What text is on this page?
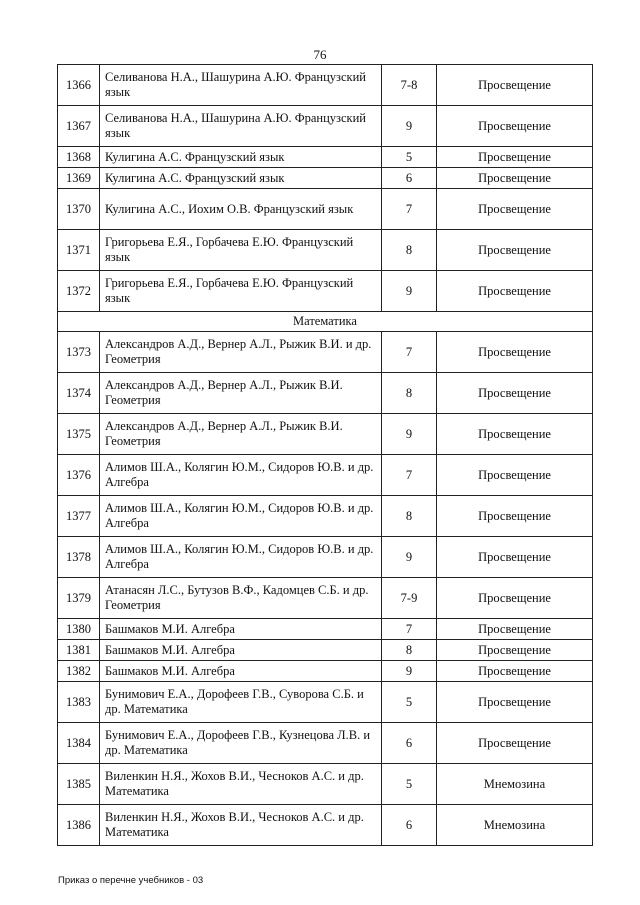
76
1366	Селиванова Н.А., Шашурина А.Ю. Французский язык	7-8	Просвещение
1367	Селиванова Н.А., Шашурина А.Ю. Французский язык	9	Просвещение
1368	Кулигина А.С. Французский язык	5	Просвещение
1369	Кулигина А.С. Французский язык	6	Просвещение
1370	Кулигина А.С., Иохим О.В. Французский язык	7	Просвещение
1371	Григорьева Е.Я., Горбачева Е.Ю. Французский язык	8	Просвещение
1372	Григорьева Е.Я., Горбачева Е.Ю. Французский язык	9	Просвещение
Математика			
1373	Александров А.Д., Вернер А.Л., Рыжик В.И. и др. Геометрия	7	Просвещение
1374	Александров А.Д., Вернер А.Л., Рыжик В.И. Геометрия	8	Просвещение
1375	Александров А.Д., Вернер А.Л., Рыжик В.И. Геометрия	9	Просвещение
1376	Алимов Ш.А., Колягин Ю.М., Сидоров Ю.В. и др. Алгебра	7	Просвещение
1377	Алимов Ш.А., Колягин Ю.М., Сидоров Ю.В. и др. Алгебра	8	Просвещение
1378	Алимов Ш.А., Колягин Ю.М., Сидоров Ю.В. и др. Алгебра	9	Просвещение
1379	Атанасян Л.С., Бутузов В.Ф., Кадомцев С.Б. и др. Геометрия	7-9	Просвещение
1380	Башмаков М.И. Алгебра	7	Просвещение
1381	Башмаков М.И. Алгебра	8	Просвещение
1382	Башмаков М.И. Алгебра	9	Просвещение
1383	Бунимович Е.А., Дорофеев Г.В., Суворова С.Б. и др. Математика	5	Просвещение
1384	Бунимович Е.А., Дорофеев Г.В., Кузнецова Л.В. и др. Математика	6	Просвещение
1385	Виленкин Н.Я., Жохов В.И., Чесноков А.С. и др. Математика	5	Мнемозина
1386	Виленкин Н.Я., Жохов В.И., Чесноков А.С. и др. Математика	6	Мнемозина
Приказ о перечне учебников - 03
